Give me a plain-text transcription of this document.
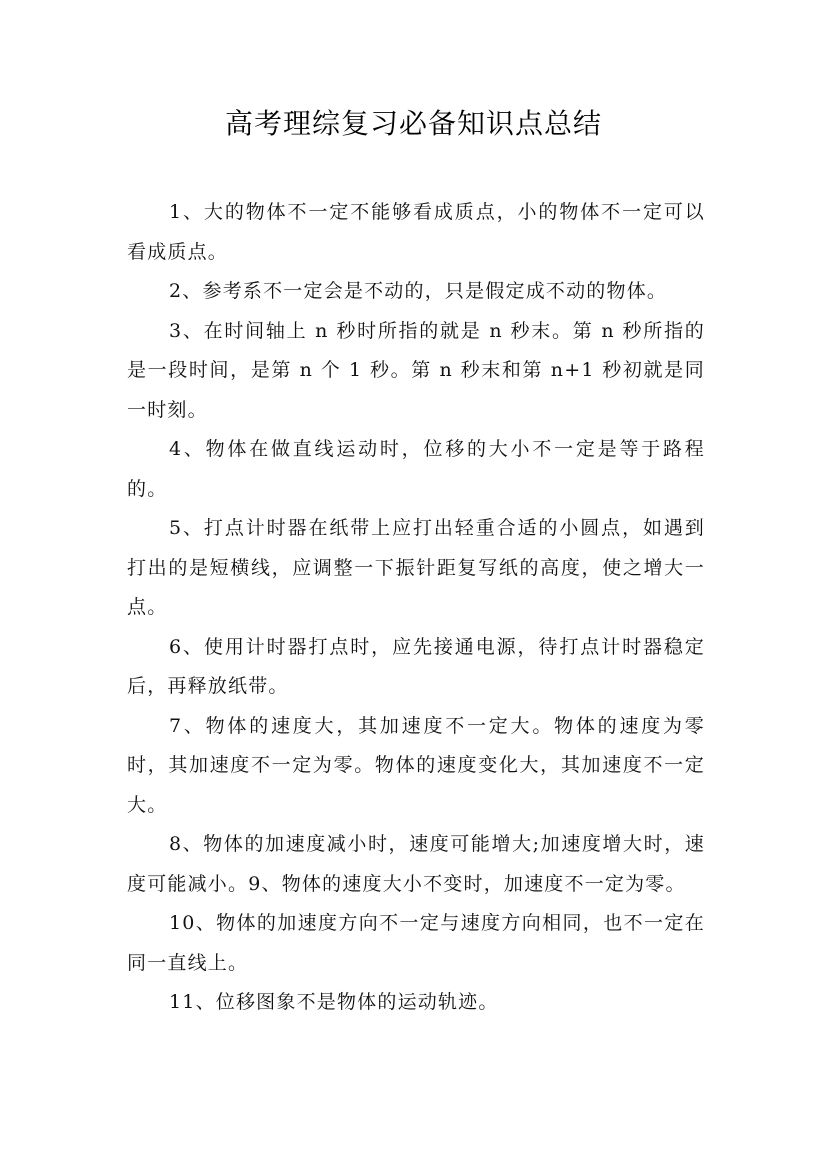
高考理综复习必备知识点总结

1、大的物体不一定不能够看成质点，小的物体不一定可以看成质点。

2、参考系不一定会是不动的，只是假定成不动的物体。

3、在时间轴上 n 秒时所指的就是 n 秒末。第 n 秒所指的是一段时间，是第 n 个 1 秒。第 n 秒末和第 n+1 秒初就是同一时刻。

4、物体在做直线运动时，位移的大小不一定是等于路程的。

5、打点计时器在纸带上应打出轻重合适的小圆点，如遇到打出的是短横线，应调整一下振针距复写纸的高度，使之增大一点。

6、使用计时器打点时，应先接通电源，待打点计时器稳定后，再释放纸带。

7、物体的速度大，其加速度不一定大。物体的速度为零时，其加速度不一定为零。物体的速度变化大，其加速度不一定大。

8、物体的加速度减小时，速度可能增大;加速度增大时，速度可能减小。9、物体的速度大小不变时，加速度不一定为零。

10、物体的加速度方向不一定与速度方向相同，也不一定在同一直线上。

11、位移图象不是物体的运动轨迹。
